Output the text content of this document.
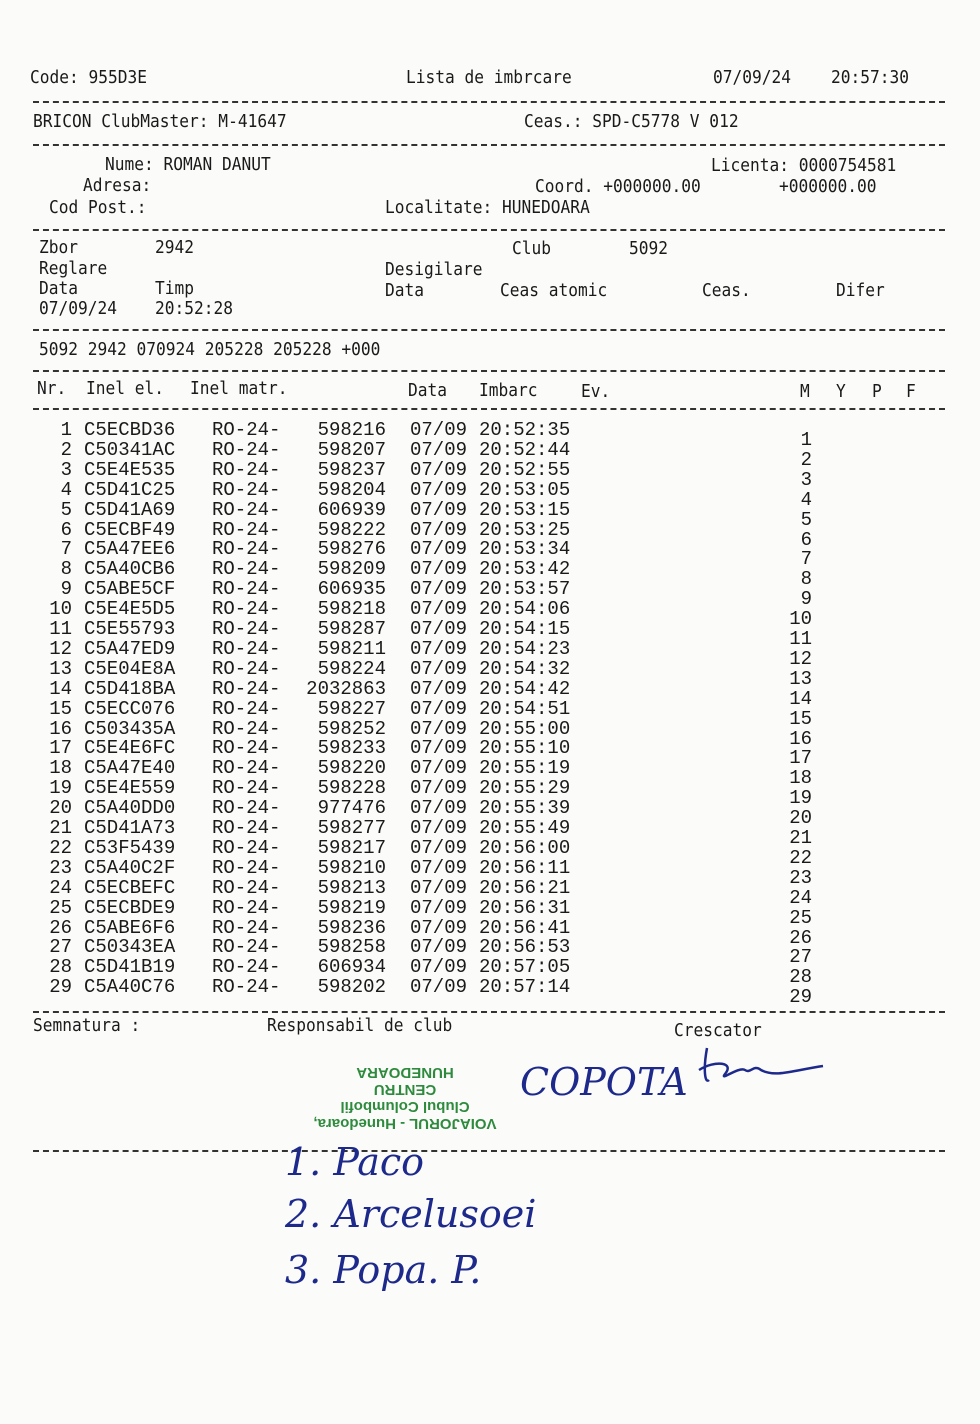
Code: 955D3E	Lista de imbrcare	07/09/24 20:57:30
BRICON ClubMaster: M-41647	Ceas.: SPD-C5778 V 012
Nume: ROMAN DANUT	Licenta: 0000754581
Adresa:	Coord. +000000.00	+000000.00
Cod Post.:	Localitate: HUNEDOARA
Zbor	2942	Club	5092
Reglare	Desigilare
Data	Timp	Data	Ceas atomic	Ceas.	Difer
07/09/24 20:52:28
5092 2942 070924 205228 205228 +000
Nr. Inel el. Inel matr.	Data Imbarc Ev.	M Y P F
1 C5ECBD36 RO-24- 598216 07/09 20:52:35	1
2 C50341AC RO-24- 598207 07/09 20:52:44	2
3 C5E4E535 RO-24- 598237 07/09 20:52:55	3
4 C5D41C25 RO-24- 598204 07/09 20:53:05	4
5 C5D41A69 RO-24- 606939 07/09 20:53:15	5
6 C5ECBF49 RO-24- 598222 07/09 20:53:25	6
7 C5A47EE6 RO-24- 598276 07/09 20:53:34	7
8 C5A40CB6 RO-24- 598209 07/09 20:53:42	8
9 C5ABE5CF RO-24- 606935 07/09 20:53:57	9
10 C5E4E5D5 RO-24- 598218 07/09 20:54:06	10
11 C5E55793 RO-24- 598287 07/09 20:54:15	11
12 C5A47ED9 RO-24- 598211 07/09 20:54:23	12
13 C5E04E8A RO-24- 598224 07/09 20:54:32	13
14 C5D418BA RO-24- 2032863 07/09 20:54:42	14
15 C5ECC076 RO-24- 598227 07/09 20:54:51	15
16 C503435A RO-24- 598252 07/09 20:55:00	16
17 C5E4E6FC RO-24- 598233 07/09 20:55:10	17
18 C5A47E40 RO-24- 598220 07/09 20:55:19	18
19 C5E4E559 RO-24- 598228 07/09 20:55:29	19
20 C5A40DD0 RO-24- 977476 07/09 20:55:39	20
21 C5D41A73 RO-24- 598277 07/09 20:55:49	21
22 C53F5439 RO-24- 598217 07/09 20:56:00	22
23 C5A40C2F RO-24- 598210 07/09 20:56:11	23
24 C5ECBEFC RO-24- 598213 07/09 20:56:21	24
25 C5ECBDE9 RO-24- 598219 07/09 20:56:31	25
26 C5ABE6F6 RO-24- 598236 07/09 20:56:41	26
27 C50343EA RO-24- 598258 07/09 20:56:53	27
28 C5D41B19 RO-24- 606934 07/09 20:57:05	28
29 C5A40C76 RO-24- 598202 07/09 20:57:14	29
Semnatura :	Responsabil de club	Crescator
VOIAJORUL - Hunedoara,
Clubul Columbofil
CENTRU
HUNEDOARA	COPOTA
1. Paco
2. Arcelusoei
3. Popa. P.
